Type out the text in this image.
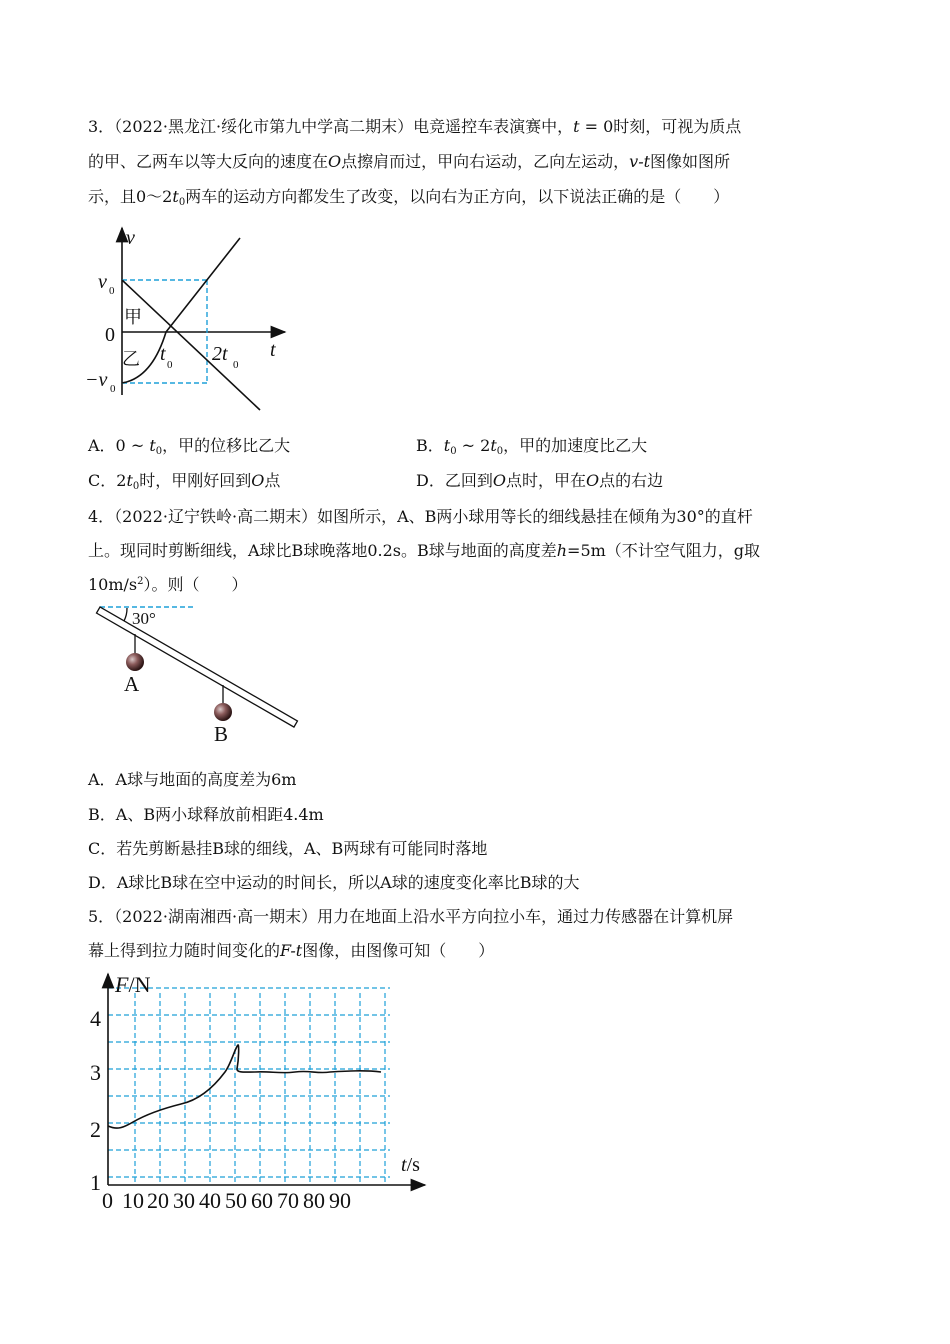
3．（2022·黑龙江·绥化市第九中学高二期末）电竞遥控车表演赛中，t = 0时刻，可视为质点
的甲、乙两车以等大反向的速度在O点擦肩而过，甲向右运动，乙向左运动，v-t图像如图所
示，且$0\sim 2t_0$两车的运动方向都发生了改变，以向右为正方向，以下说法正确的是（　　）
v
t
v 0
0
−v 0
甲
乙 t 0 2t 0
A．0 ~ $t_0$，甲的位移比乙大	B．$t_0$ ~ $2t_0$，甲的加速度比乙大
C．$2t_0$时，甲刚好回到O点	D．乙回到O点时，甲在O点的右边
4．（2022·辽宁铁岭·高二期末）如图所示，A、B两小球用等长的细线悬挂在倾角为30°的直杆
上。现同时剪断细线，A球比B球晚落地0.2s。B球与地面的高度差h=5m（不计空气阻力，g取
$10m/s^2$）。则（　　）
30°
A
B
A．A球与地面的高度差为6m
B．A、B两小球释放前相距4.4m
C．若先剪断悬挂B球的细线，A、B两球有可能同时落地
D．A球比B球在空中运动的时间长，所以A球的速度变化率比B球的大
5．（2022·湖南湘西·高一期末）用力在地面上沿水平方向拉小车，通过力传感器在计算机屏
幕上得到拉力随时间变化的F-t图像，由图像可知（　　）
F/N
t/s
4
3
2
1
0 10 20 30 40 50 60 70 80 90
